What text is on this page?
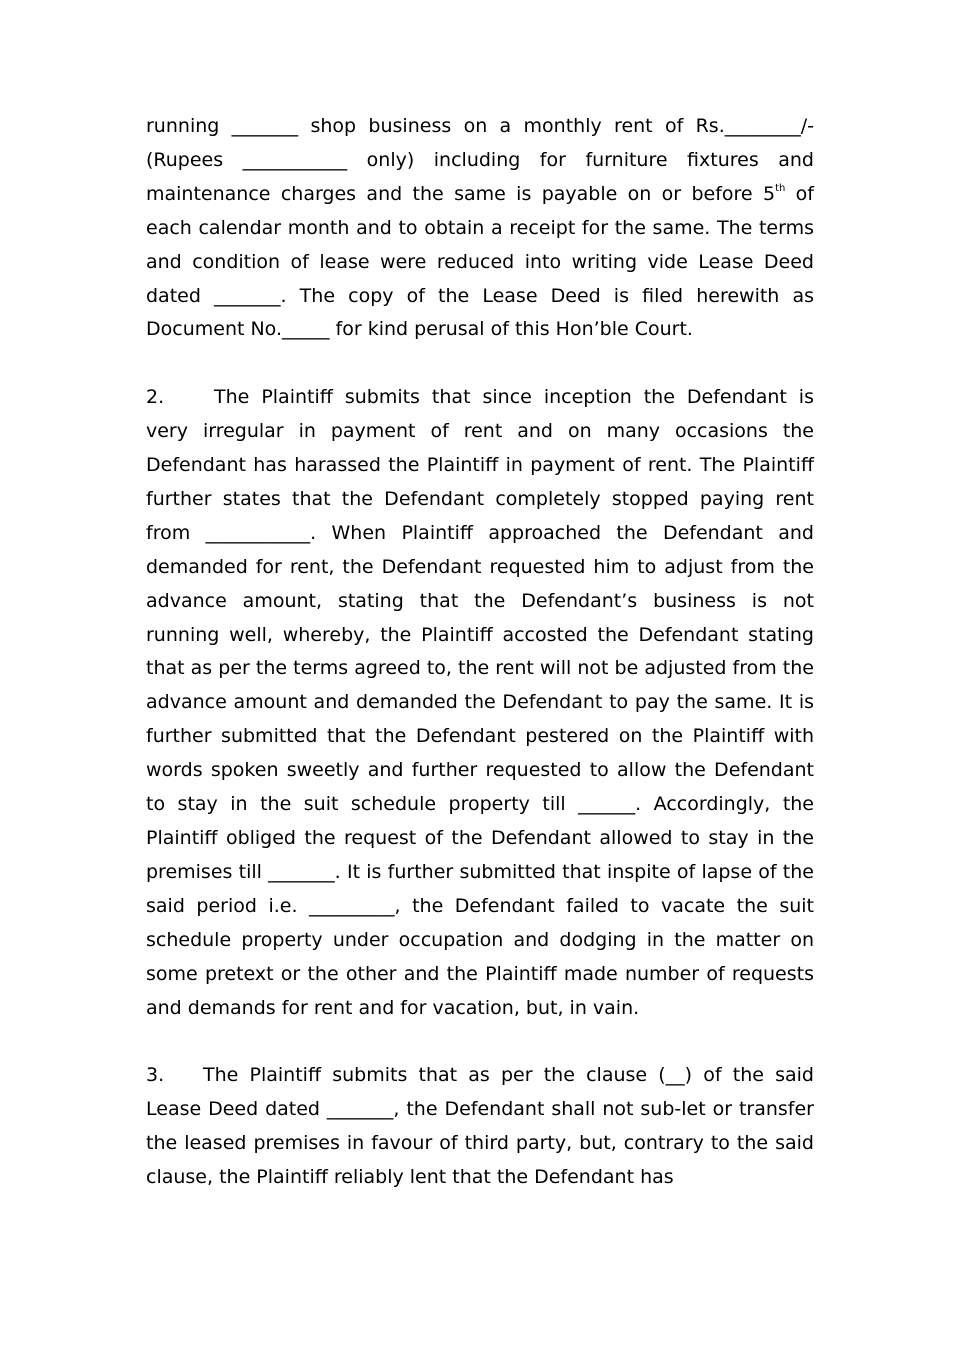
running _______ shop business on a monthly rent of Rs.________/- (Rupees ___________ only) including for furniture fixtures and maintenance charges and the same is payable on or before 5th of each calendar month and to obtain a receipt for the same. The terms and condition of lease were reduced into writing vide Lease Deed dated _______. The copy of the Lease Deed is filed herewith as Document No._____ for kind perusal of this Hon’ble Court.

2.	The Plaintiff submits that since inception the Defendant is very irregular in payment of rent and on many occasions the Defendant has harassed the Plaintiff in payment of rent. The Plaintiff further states that the Defendant completely stopped paying rent from ___________. When Plaintiff approached the Defendant and demanded for rent, the Defendant requested him to adjust from the advance amount, stating that the Defendant’s business is not running well, whereby, the Plaintiff accosted the Defendant stating that as per the terms agreed to, the rent will not be adjusted from the advance amount and demanded the Defendant to pay the same. It is further submitted that the Defendant pestered on the Plaintiff with words spoken sweetly and further requested to allow the Defendant to stay in the suit schedule property till ______. Accordingly, the Plaintiff obliged the request of the Defendant allowed to stay in the premises till _______. It is further submitted that inspite of lapse of the said period i.e. _________, the Defendant failed to vacate the suit schedule property under occupation and dodging in the matter on some pretext or the other and the Plaintiff made number of requests and demands for rent and for vacation, but, in vain.

3. The Plaintiff submits that as per the clause (__) of the said Lease Deed dated _______, the Defendant shall not sub-let or transfer the leased premises in favour of third party, but, contrary to the said clause, the Plaintiff reliably lent that the Defendant has
